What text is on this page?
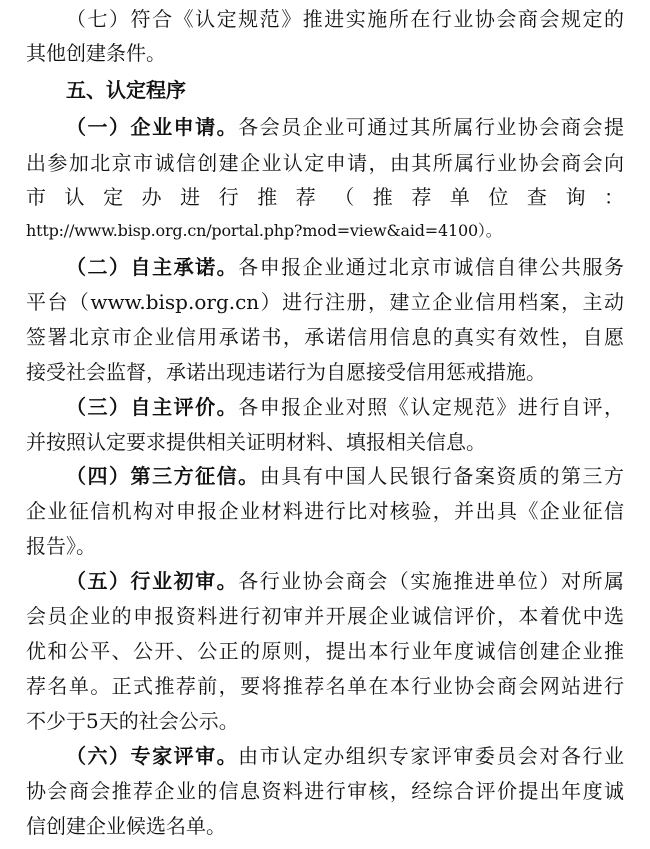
（七）符合《认定规范》推进实施所在行业协会商会规定的
其他创建条件。
五、认定程序
（一）企业申请。各会员企业可通过其所属行业协会商会提
出参加北京市诚信创建企业认定申请，由其所属行业协会商会向
市认定办进行推荐（推荐单位查询：
http://www.bisp.org.cn/portal.php?mod=view&aid=4100）。
（二）自主承诺。各申报企业通过北京市诚信自律公共服务
平台（www.bisp.org.cn）进行注册，建立企业信用档案，主动
签署北京市企业信用承诺书，承诺信用信息的真实有效性，自愿
接受社会监督，承诺出现违诺行为自愿接受信用惩戒措施。
（三）自主评价。各申报企业对照《认定规范》进行自评，
并按照认定要求提供相关证明材料、填报相关信息。
（四）第三方征信。由具有中国人民银行备案资质的第三方
企业征信机构对申报企业材料进行比对核验，并出具《企业征信
报告》。
（五）行业初审。各行业协会商会（实施推进单位）对所属
会员企业的申报资料进行初审并开展企业诚信评价，本着优中选
优和公平、公开、公正的原则，提出本行业年度诚信创建企业推
荐名单。正式推荐前，要将推荐名单在本行业协会商会网站进行
不少于5天的社会公示。
（六）专家评审。由市认定办组织专家评审委员会对各行业
协会商会推荐企业的信息资料进行审核，经综合评价提出年度诚
信创建企业候选名单。
